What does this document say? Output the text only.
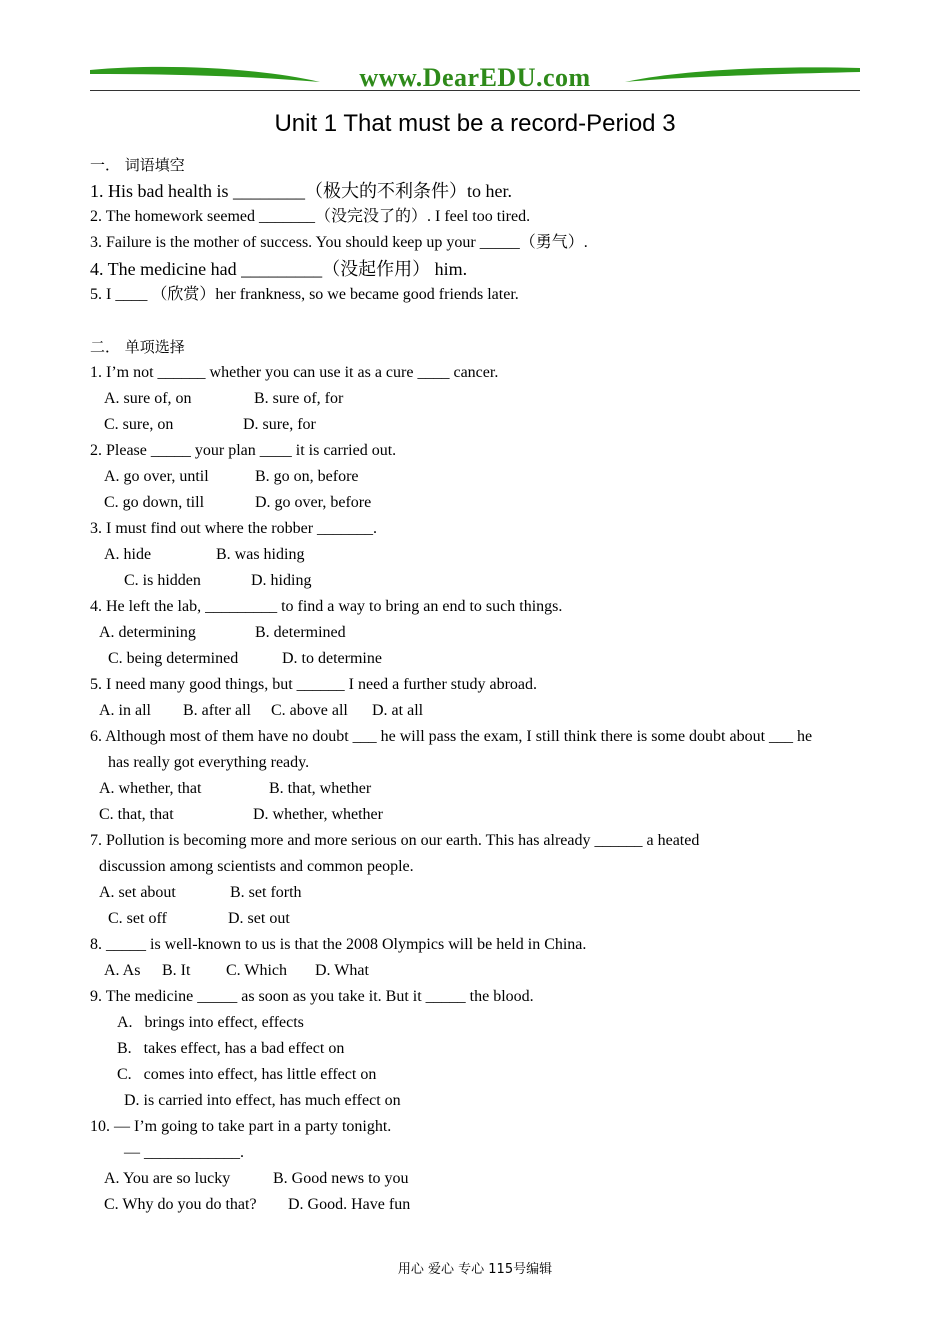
www.DearEDU.com
Unit 1 That must be a record-Period 3
一． 词语填空
1. His bad health is ________（极大的不利条件）to her.
2. The homework seemed _______（没完没了的）. I feel too tired.
3. Failure is the mother of success. You should keep up your _____（勇气）.
4. The medicine had _________（没起作用） him.
5. I ____ （欣赏）her frankness, so we became good friends later.
二． 单项选择
1. I’m not ______ whether you can use it as a cure ____ cancer.
A. sure of, on	B. sure of, for
C. sure, on	D. sure, for
2. Please _____ your plan ____ it is carried out.
A. go over, until	B. go on, before
C. go down, till	D. go over, before
3. I must find out where the robber _______.
A. hide	B. was hiding
C. is hidden	D. hiding
4. He left the lab, _________ to find a way to bring an end to such things.
A. determining	B. determined
C. being determined	D. to determine
5. I need many good things, but ______ I need a further study abroad.
A. in all B. after all C. above all D. at all
6. Although most of them have no doubt ___ he will pass the exam, I still think there is some doubt about ___ he
has really got everything ready.
A. whether, that	B. that, whether
C. that, that	D. whether, whether
7. Pollution is becoming more and more serious on our earth. This has already ______ a heated
discussion among scientists and common people.
A. set about	B. set forth
C. set off	D. set out
8. _____ is well-known to us is that the 2008 Olympics will be held in China.
A. As B. It C. Which D. What
9. The medicine _____ as soon as you take it. But it _____ the blood.
A.   brings into effect, effects
B.   takes effect, has a bad effect on
C.   comes into effect, has little effect on
D. is carried into effect, has much effect on
10. — I’m going to take part in a party tonight.
— ____________.
A. You are so lucky	B. Good news to you
C. Why do you do that? D. Good. Have fun
用心 爱心 专心 115号编辑
